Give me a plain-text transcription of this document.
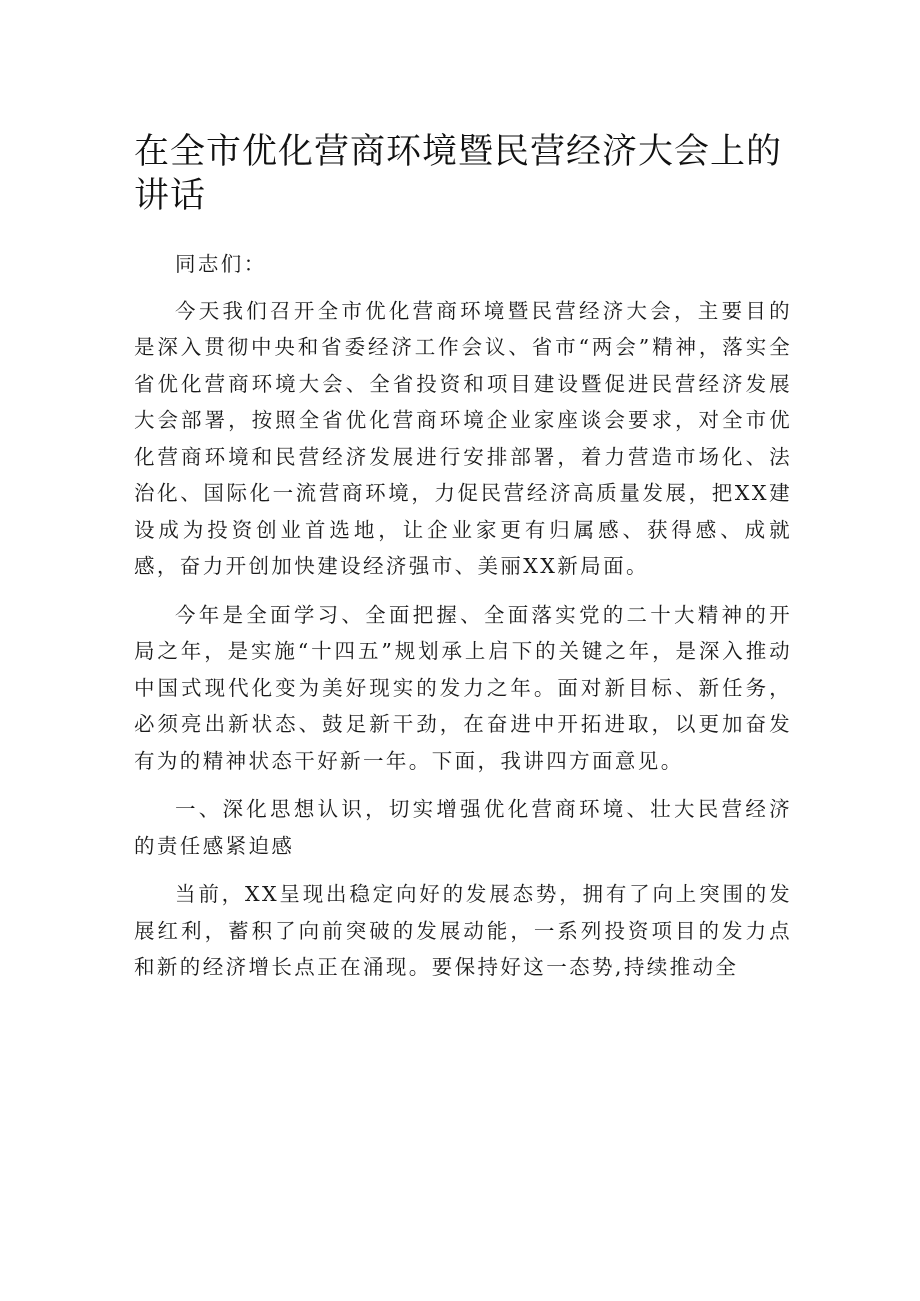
在全市优化营商环境暨民营经济大会上的讲话

同志们：

今天我们召开全市优化营商环境暨民营经济大会，主要目的是深入贯彻中央和省委经济工作会议、省市“两会”精神，落实全省优化营商环境大会、全省投资和项目建设暨促进民营经济发展大会部署，按照全省优化营商环境企业家座谈会要求，对全市优化营商环境和民营经济发展进行安排部署，着力营造市场化、法治化、国际化一流营商环境，力促民营经济高质量发展，把XX建设成为投资创业首选地，让企业家更有归属感、获得感、成就感，奋力开创加快建设经济强市、美丽XX新局面。

今年是全面学习、全面把握、全面落实党的二十大精神的开局之年，是实施“十四五”规划承上启下的关键之年，是深入推动中国式现代化变为美好现实的发力之年。面对新目标、新任务，必须亮出新状态、鼓足新干劲，在奋进中开拓进取，以更加奋发有为的精神状态干好新一年。下面，我讲四方面意见。

一、深化思想认识，切实增强优化营商环境、壮大民营经济的责任感紧迫感

当前，XX呈现出稳定向好的发展态势，拥有了向上突围的发展红利，蓄积了向前突破的发展动能，一系列投资项目的发力点和新的经济增长点正在涌现。要保持好这一态势,持续推动全
